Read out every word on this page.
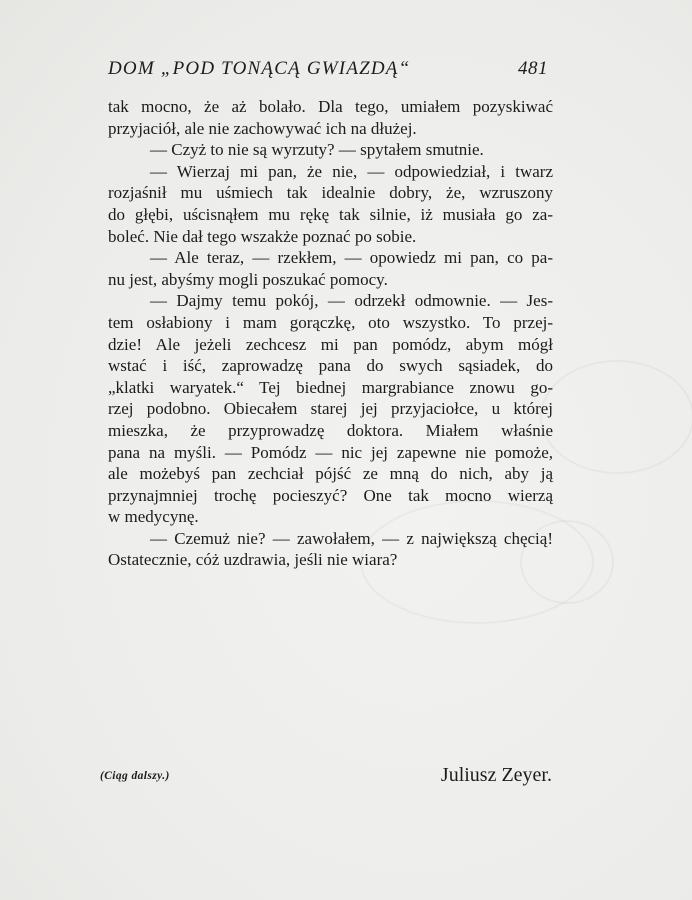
DOM „POD TONĄCĄ GWIAZDĄ“	481
tak mocno, że aż bolało. Dla tego, umiałem pozyskiwać
przyjaciół, ale nie zachowywać ich na dłużej.
— Czyż to nie są wyrzuty? — spytałem smutnie.
— Wierzaj mi pan, że nie, — odpowiedział, i twarz
rozjaśnił mu uśmiech tak idealnie dobry, że, wzruszony
do głębi, uścisnąłem mu rękę tak silnie, iż musiała go za-
boleć. Nie dał tego wszakże poznać po sobie.
— Ale teraz, — rzekłem, — opowiedz mi pan, co pa-
nu jest, abyśmy mogli poszukać pomocy.
— Dajmy temu pokój, — odrzekł odmownie. — Jes-
tem osłabiony i mam gorączkę, oto wszystko. To przej-
dzie! Ale jeżeli zechcesz mi pan pomódz, abym mógł
wstać i iść, zaprowadzę pana do swych sąsiadek, do
„klatki waryatek.“ Tej biednej margrabiance znowu go-
rzej podobno. Obiecałem starej jej przyjaciołce, u której
mieszka, że przyprowadzę doktora. Miałem właśnie
pana na myśli. — Pomódz — nic jej zapewne nie pomoże,
ale możebyś pan zechciał pójść ze mną do nich, aby ją
przynajmniej trochę pocieszyć? One tak mocno wierzą
w medycynę.
— Czemuż nie? — zawołałem, — z największą chęcią!
Ostatecznie, cóż uzdrawia, jeśli nie wiara?
(Ciąg dalszy.)	Juliusz Zeyer.
